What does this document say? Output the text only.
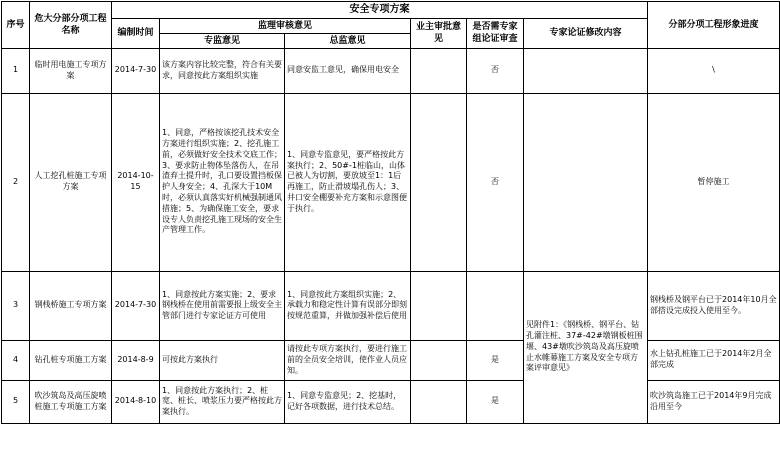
序号	危大分部分项工程名称	安全专项方案						分部分项工程形象进度
		编制时间	监理审核意见		业主审批意见	是否需专家组论证审查	专家论证修改内容	
			专监意见	总监意见				
1	临时用电施工专项方案	2014-7-30	该方案内容比较完整，符合有关要求，同意按此方案组织实施	同意安监工意见，确保用电安全		否		\
2	人工挖孔桩施工专项方案	2014-10-15	1、同意，严格按该挖孔技术安全方案进行组织实施；2、挖孔施工前，必须做好安全技术交底工作；3、要求防止物体坠落伤人，在吊渣弃土提升时，孔口要设置挡板保护人身安全；4、孔深大于10M时，必须认真落实好机械强制通风措施；5、为确保施工安全，要求设专人负责挖孔施工现场的安全生产管理工作。	1、同意专监意见，要严格按此方案执行；2、50#-1桩临山，山体已被人为切割，要放坡至1：1后再施工，防止滑坡塌孔伤人；3、井口安全棚要补充方案和示意图便于执行。		否		暂停施工
3	钢栈桥施工专项方案	2014-7-30	1、同意按此方案实施；2、要求钢栈桥在使用前需要报上级安全主管部门进行专家论证方可使用	1、同意按此方案组织实施；2、承载力和稳定性计算有误部分即刻按规范重算，并做加强补偿后使用			见附件1：《钢栈桥、钢平台、钻孔灌注桩、37#-42#墩钢板桩围堰、43#墩吹沙筑岛及高压旋喷止水帷幕施工方案及安全专项方案评审意见》	钢栈桥及钢平台已于2014年10月全部搭设完成投入使用至今。
4	钻孔桩专项施工方案	2014-8-9	可按此方案执行	请按此专项方案执行，要进行施工前的全员安全培训，使作业人员应知。		是		水上钻孔桩施工已于2014年2月全部完成
5	吹沙筑岛及高压旋喷桩施工专项施工方案	2014-8-10	1、同意按此方案执行；2、桩宽、桩长、喷浆压力要严格按此方案执行。	1、同意专监意见；2、挖基时，记好各项数据，进行技术总结。		是		吹沙筑岛施工已于2014年9月完成沿用至今
